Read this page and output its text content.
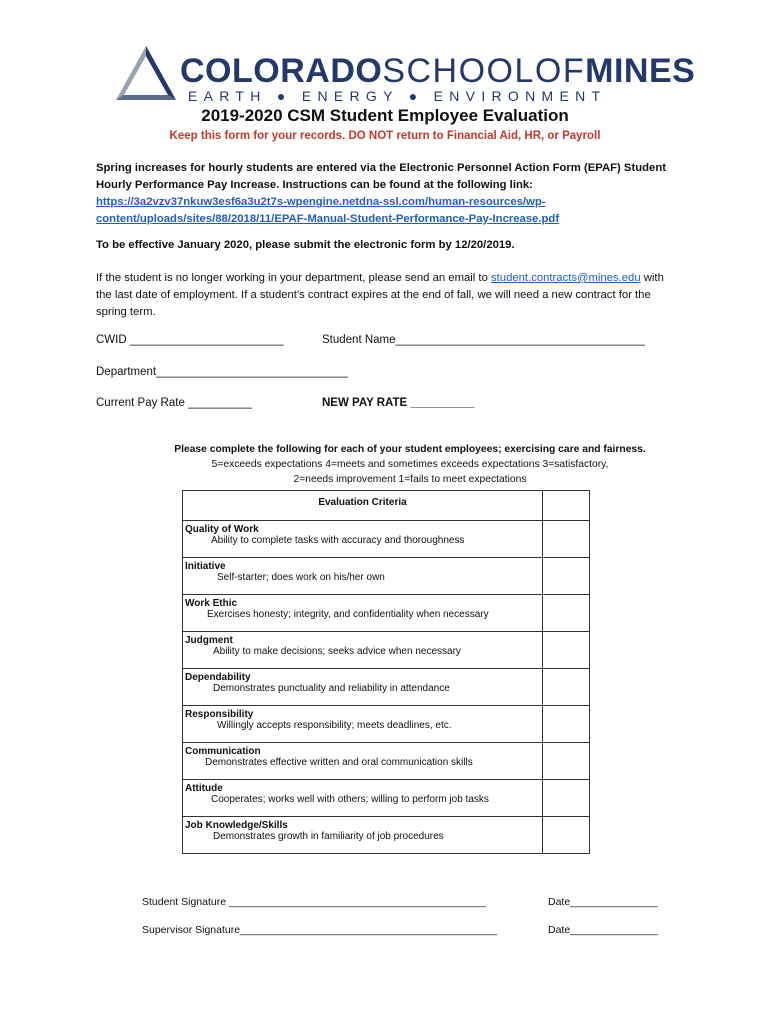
COLORADOSCHOOLOFMINES
EARTH ● ENERGY ● ENVIRONMENT
2019-2020 CSM Student Employee Evaluation
Keep this form for your records. DO NOT return to Financial Aid, HR, or Payroll
Spring increases for hourly students are entered via the Electronic Personnel Action Form (EPAF) Student Hourly Performance Pay Increase. Instructions can be found at the following link:
https://3a2vzv37nkuw3esf6a3u2t7s-wpengine.netdna-ssl.com/human-resources/wp-
content/uploads/sites/88/2018/11/EPAF-Manual-Student-Performance-Pay-Increase.pdf
To be effective January 2020, please submit the electronic form by 12/20/2019.
If the student is no longer working in your department, please send an email to student.contracts@mines.edu with the last date of employment. If a student's contract expires at the end of fall, we will need a new contract for the spring term.
CWID ________________________	Student Name_______________________________________
Department______________________________
Current Pay Rate __________	NEW PAY RATE __________
Please complete the following for each of your student employees; exercising care and fairness.
5=exceeds expectations 4=meets and sometimes exceeds expectations 3=satisfactory,
2=needs improvement 1=fails to meet expectations
Evaluation Criteria	
Quality of Work
Ability to complete tasks with accuracy and thoroughness	

Initiative
Self-starter; does work on his/her own	

Work Ethic
Exercises honesty; integrity, and confidentiality when necessary	

Judgment
Ability to make decisions; seeks advice when necessary	

Dependability
Demonstrates punctuality and reliability in attendance	

Responsibility
Willingly accepts responsibility; meets deadlines, etc.	

Communication
Demonstrates effective written and oral communication skills	

Attitude
Cooperates; works well with others; willing to perform job tasks	

Job Knowledge/Skills
Demonstrates growth in familiarity of job procedures	

Student Signature ____________________________________________	Date_______________
Supervisor Signature____________________________________________	Date_______________
